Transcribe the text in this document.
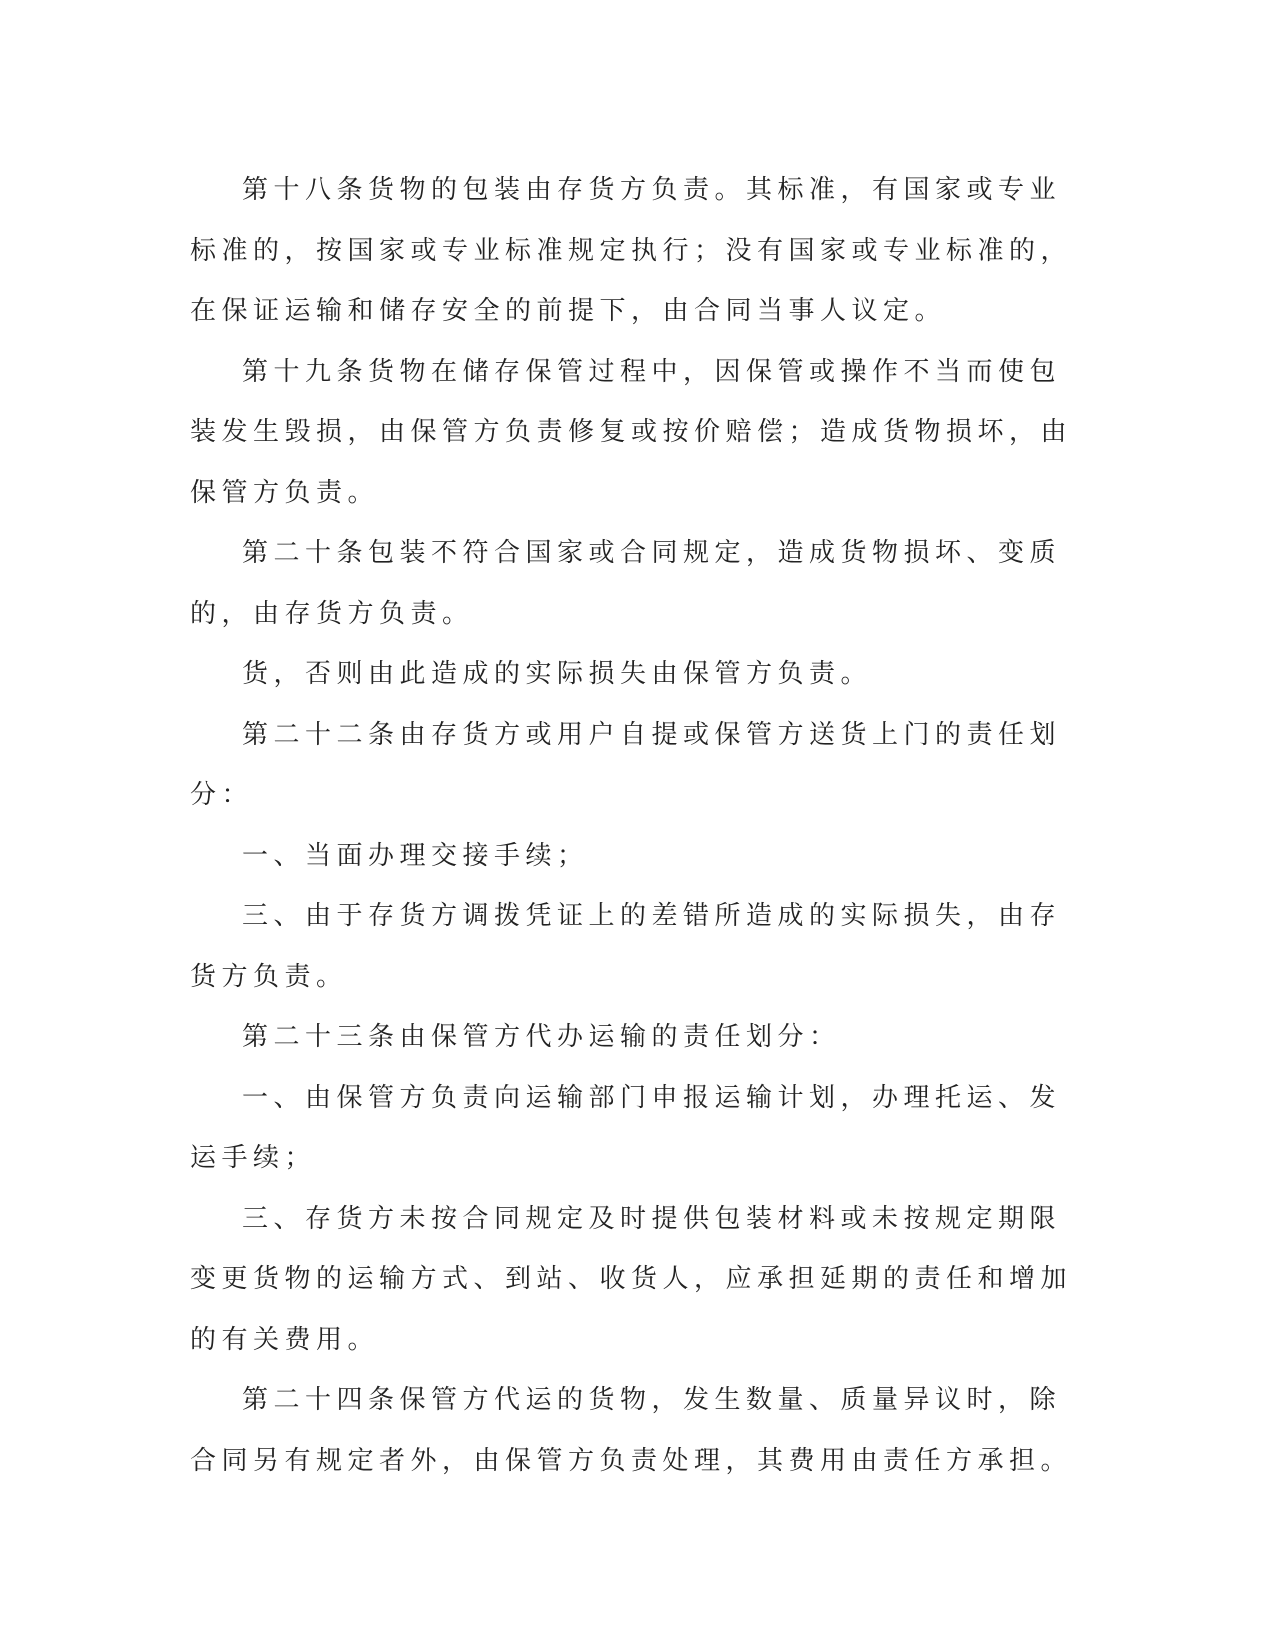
第十八条货物的包装由存货方负责。其标准，有国家或专业标准的，按国家或专业标准规定执行；没有国家或专业标准的，在保证运输和储存安全的前提下，由合同当事人议定。

第十九条货物在储存保管过程中，因保管或操作不当而使包装发生毁损，由保管方负责修复或按价赔偿；造成货物损坏，由保管方负责。

第二十条包装不符合国家或合同规定，造成货物损坏、变质的，由存货方负责。

货，否则由此造成的实际损失由保管方负责。

第二十二条由存货方或用户自提或保管方送货上门的责任划分：

一、当面办理交接手续；

三、由于存货方调拨凭证上的差错所造成的实际损失，由存货方负责。

第二十三条由保管方代办运输的责任划分：

一、由保管方负责向运输部门申报运输计划，办理托运、发运手续；

三、存货方未按合同规定及时提供包装材料或未按规定期限变更货物的运输方式、到站、收货人，应承担延期的责任和增加的有关费用。

第二十四条保管方代运的货物，发生数量、质量异议时，除合同另有规定者外，由保管方负责处理，其费用由责任方承担。
